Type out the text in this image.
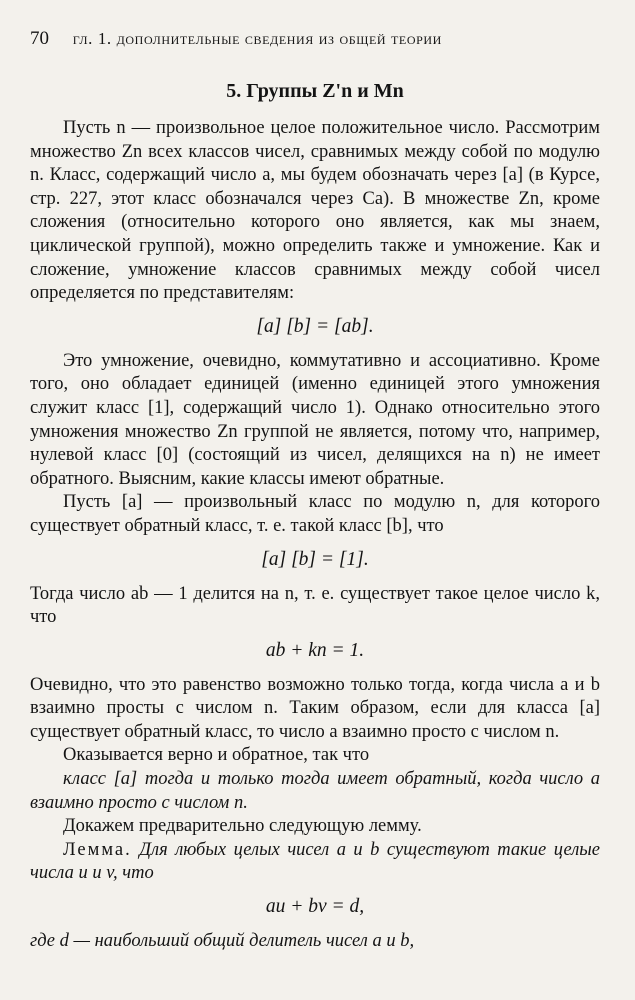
70 гл. 1. дополнительные сведения из общей теории
5. Группы Z'n и Mn

Пусть n — произвольное целое положительное число. Рассмотрим множество Zn всех классов чисел, сравнимых между собой по модулю n. Класс, содержащий число a, мы будем обозначать через [a] (в Курсе, стр. 227, этот класс обозначался через Ca). В множестве Zn, кроме сложения (относительно которого оно является, как мы знаем, циклической группой), можно определить также и умножение. Как и сложение, умножение классов сравнимых между собой чисел определяется по представителям:

[a] [b] = [ab].

Это умножение, очевидно, коммутативно и ассоциативно. Кроме того, оно обладает единицей (именно единицей этого умножения служит класс [1], содержащий число 1). Однако относительно этого умножения множество Zn группой не является, потому что, например, нулевой класс [0] (состоящий из чисел, делящихся на n) не имеет обратного. Выясним, какие классы имеют обратные.

Пусть [a] — произвольный класс по модулю n, для которого существует обратный класс, т. е. такой класс [b], что

[a] [b] = [1].

Тогда число ab — 1 делится на n, т. е. существует такое целое число k, что

ab + kn = 1.

Очевидно, что это равенство возможно только тогда, когда числа a и b взаимно просты с числом n. Таким образом, если для класса [a] существует обратный класс, то число a взаимно просто с числом n.

Оказывается верно и обратное, так что

класс [a] тогда и только тогда имеет обратный, когда число a взаимно просто с числом n.

Докажем предварительно следующую лемму.

Лемма. Для любых целых чисел a и b существуют такие целые числа u и v, что

au + bv = d,

где d — наибольший общий делитель чисел a и b,
